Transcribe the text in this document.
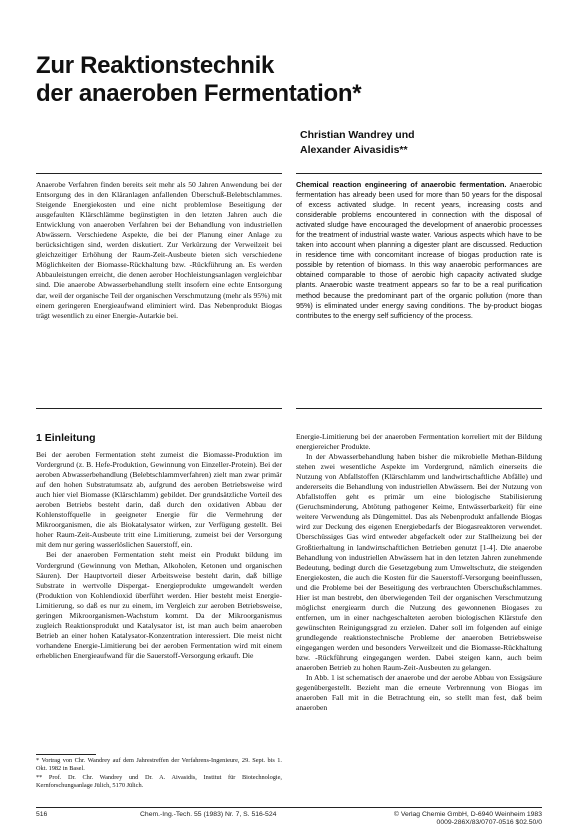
Zur Reaktionstechnik
der anaeroben Fermentation*
Christian Wandrey und
Alexander Aivasidis**

Anaerobe Verfahren finden bereits seit mehr als 50 Jahren Anwendung bei der Entsorgung des in den Kläranlagen anfallenden Überschuß-Belebtschlammes. Steigende Energiekosten und eine nicht problemlose Beseitigung der ausgefaulten Klärschlämme begünstigten in den letzten Jahren auch die Entwicklung von anaeroben Verfahren bei der Behandlung von industriellen Abwässern. Verschiedene Aspekte, die bei der Planung einer Anlage zu berücksichtigen sind, werden diskutiert. Zur Verkürzung der Verweilzeit bei gleichzeitiger Erhöhung der Raum-Zeit-Ausbeute bieten sich verschiedene Möglichkeiten der Biomasse-Rückhaltung bzw. -Rückführung an. Es werden Abbauleistungen erreicht, die denen aerober Hochleistungsanlagen vergleichbar sind. Die anaerobe Abwasserbehandlung stellt insofern eine echte Entsorgung dar, weil der organische Teil der organischen Verschmutzung (mehr als 95%) mit einem geringeren Energieaufwand eliminiert wird. Das Nebenprodukt Biogas trägt wesentlich zu einer Energie-Autarkie bei.

Chemical reaction engineering of anaerobic fermentation. Anaerobic fermentation has already been used for more than 50 years for the disposal of excess activated sludge. In recent years, increasing costs and considerable problems encountered in connection with the disposal of activated sludge have encouraged the development of anaerobic processes for the treatment of industrial waste water. Various aspects which have to be taken into account when planning a digester plant are discussed. Reduction in residence time with concomitant increase of biogas production rate is possible by retention of biomass. In this way anaerobic performances are obtained comparable to those of aerobic high capacity activated sludge plants. Anaerobic waste treatment appears so far to be a real purification method because the predominant part of the organic pollution (more than 95%) is eliminated under energy saving conditions. The by-product biogas contributes to the energy self sufficiency of the process.

1 Einleitung

Bei der aeroben Fermentation steht zumeist die Biomasse-Produktion im Vordergrund (z. B. Hefe-Produktion, Gewinnung von Einzeller-Protein). Bei der aeroben Abwasserbehandlung (Belebtschlammverfahren) zielt man zwar primär auf den hohen Substratumsatz ab, aufgrund des aeroben Betriebsweise wird auch hier viel Biomasse (Klärschlamm) gebildet. Der grundsätzliche Vorteil des aeroben Betriebs besteht darin, daß durch den oxidativen Abbau der Kohlenstoffquelle in geeigneter Energie für die Vermehrung der Mikroorganismen, die als Biokatalysator wirken, zur Verfügung gestellt. Bei hoher Raum-Zeit-Ausbeute tritt eine Limitierung, zumeist bei der Versorgung mit dem nur gering wasserlöslichen Sauerstoff, ein.

Bei der anaeroben Fermentation steht meist ein Produkt bildung im Vordergrund (Gewinnung von Methan, Alkoholen, Ketonen und organischen Säuren). Der Hauptvorteil dieser Arbeitsweise besteht darin, daß billige Substrate in wertvolle Dispergat- Energieprodukte umgewandelt werden (Produktion von Kohlendioxid überführt werden. Hier besteht meist Energie-Limitierung, so daß es nur zu einem, im Vergleich zur aeroben Betriebsweise, geringen Mikroorganismen-Wachstum kommt. Da der Mikroorganismus zugleich Reaktionsprodukt und Katalysator ist, ist man auch beim anaeroben Betrieb an einer hohen Katalysator-Konzentration interessiert. Die meist nicht vorhandene Energie-Limitierung bei der aeroben Fermentation wird mit einem erheblichen Energieaufwand für die Sauerstoff-Versorgung erkauft. Die

* Vortrag von Chr. Wandrey auf dem Jahrestreffen der Verfahrens-Ingenieure, 29. Sept. bis 1. Okt. 1982 in Basel.

** Prof. Dr. Chr. Wandrey und Dr. A. Aivasidis, Institut für Biotechnologie, Kernforschungsanlage Jülich, 5170 Jülich.

Energie-Limitierung bei der anaeroben Fermentation korreliert mit der Bildung energiereicher Produkte.

In der Abwasserbehandlung haben bisher die mikrobielle Methan-Bildung stehen zwei wesentliche Aspekte im Vordergrund, nämlich einerseits die Nutzung von Abfallstoffen (Klärschlamm und landwirtschaftliche Abfälle) und andererseits die Behandlung von industriellen Abwässern. Bei der Nutzung von Abfallstoffen geht es primär um eine biologische Stabilisierung (Geruchsminderung, Abtötung pathogener Keime, Entwässerbarkeit) für eine weitere Verwendung als Düngemittel. Das als Nebenprodukt anfallende Biogas wird zur Deckung des eigenen Energiebedarfs der Biogasreaktoren verwendet. Überschüssiges Gas wird entweder abgefackelt oder zur Stallheizung bei der Großtierhaltung in landwirtschaftlichen Betrieben genutzt [1-4]. Die anaerobe Behandlung von industriellen Abwässern hat in den letzten Jahren zunehmende Bedeutung, bedingt durch die Gesetzgebung zum Umweltschutz, die steigenden Energiekosten, die auch die Kosten für die Sauerstoff-Versorgung beeinflussen, und die Probleme bei der Beseitigung des verbrauchten Überschußschlammes. Hier ist man bestrebt, den überwiegenden Teil der organischen Verschmutzung möglichst energiearm durch die Nutzung des gewonnenen Biogases zu entfernen, um in einer nachgeschalteten aeroben biologischen Klärstufe den gewünschten Reinigungsgrad zu erzielen. Daher soll im folgenden auf einige grundlegende reaktionstechnische Probleme der anaeroben Betriebsweise eingegangen werden und besonders Verweilzeit und die Biomasse-Rückhaltung bzw. -Rückführung eingegangen werden. Dabei steigen kann, auch beim anaeroben Betrieb zu hohen Raum-Zeit-Ausbeuten zu gelangen.

In Abb. 1 ist schematisch der anaerobe und der aerobe Abbau von Essigsäure gegenübergestellt. Bezieht man die erneute Verbrennung von Biogas im anaeroben Fall mit in die Betrachtung ein, so stellt man fest, daß beim anaeroben

516	Chem.-Ing.-Tech. 55 (1983) Nr. 7, S. 516-524	© Verlag Chemie GmbH, D-6940 Weinheim 1983
0009-286X/83/0707-0516 $02.50/0
